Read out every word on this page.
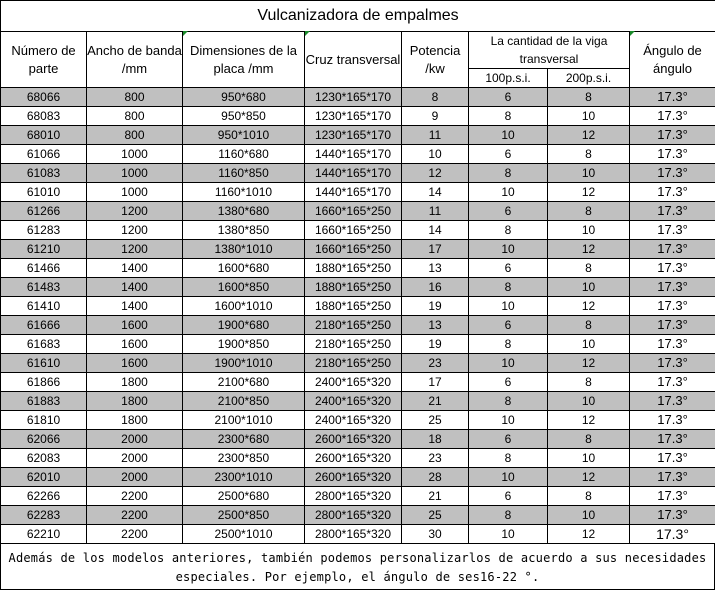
Vulcanizadora de empalmes							
Número de parte	Ancho de banda /mm	Dimensiones de la placa /mm	Cruz transversal	Potencia /kw	La cantidad de la viga transversal		Ángulo de ángulo
					100p.s.i.	200p.s.i.	
68066	800	950*680	1230*165*170	8	6	8	17.3°
68083	800	950*850	1230*165*170	9	8	10	17.3°
68010	800	950*1010	1230*165*170	11	10	12	17.3°
61066	1000	1160*680	1440*165*170	10	6	8	17.3°
61083	1000	1160*850	1440*165*170	12	8	10	17.3°
61010	1000	1160*1010	1440*165*170	14	10	12	17.3°
61266	1200	1380*680	1660*165*250	11	6	8	17.3°
61283	1200	1380*850	1660*165*250	14	8	10	17.3°
61210	1200	1380*1010	1660*165*250	17	10	12	17.3°
61466	1400	1600*680	1880*165*250	13	6	8	17.3°
61483	1400	1600*850	1880*165*250	16	8	10	17.3°
61410	1400	1600*1010	1880*165*250	19	10	12	17.3°
61666	1600	1900*680	2180*165*250	13	6	8	17.3°
61683	1600	1900*850	2180*165*250	19	8	10	17.3°
61610	1600	1900*1010	2180*165*250	23	10	12	17.3°
61866	1800	2100*680	2400*165*320	17	6	8	17.3°
61883	1800	2100*850	2400*165*320	21	8	10	17.3°
61810	1800	2100*1010	2400*165*320	25	10	12	17.3°
62066	2000	2300*680	2600*165*320	18	6	8	17.3°
62083	2000	2300*850	2600*165*320	23	8	10	17.3°
62010	2000	2300*1010	2600*165*320	28	10	12	17.3°
62266	2200	2500*680	2800*165*320	21	6	8	17.3°
62283	2200	2500*850	2800*165*320	25	8	10	17.3°
62210	2200	2500*1010	2800*165*320	30	10	12	17.3°
Además de los modelos anteriores, también podemos personalizarlos de acuerdo a sus necesidades especiales. Por ejemplo, el ángulo de ses16-22 °.
